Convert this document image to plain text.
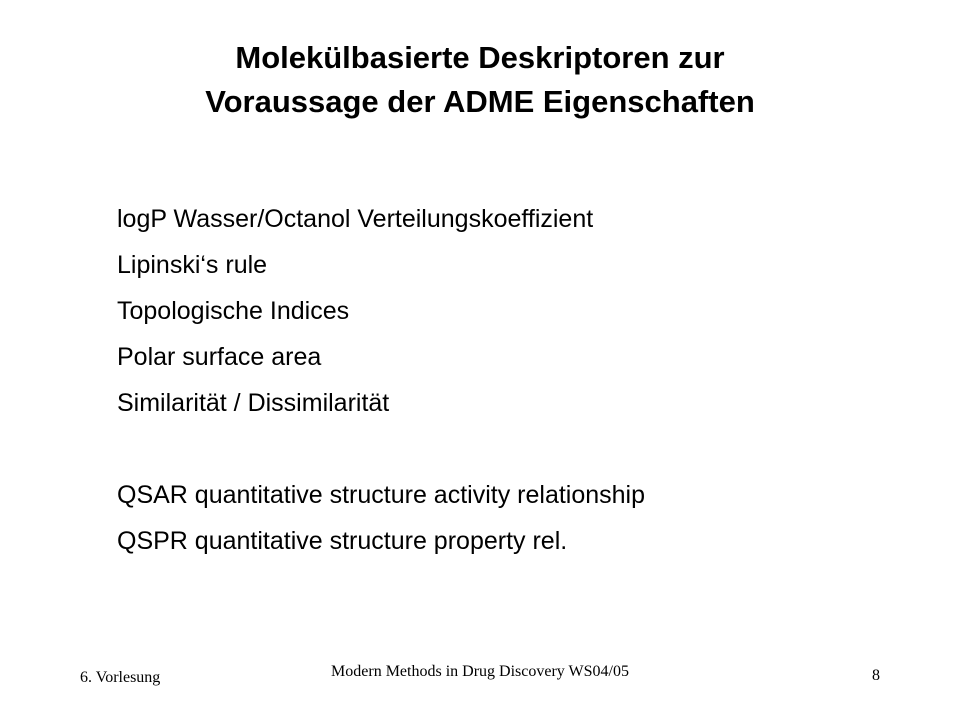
Molekülbasierte Deskriptoren zur
Voraussage der ADME Eigenschaften
logP Wasser/Octanol Verteilungskoeffizient
Lipinski‘s rule
Topologische Indices
Polar surface area
Similarität / Dissimilarität
QSAR quantitative structure activity relationship
QSPR quantitative structure property rel.
6. Vorlesung	Modern Methods in Drug Discovery WS04/05	8
